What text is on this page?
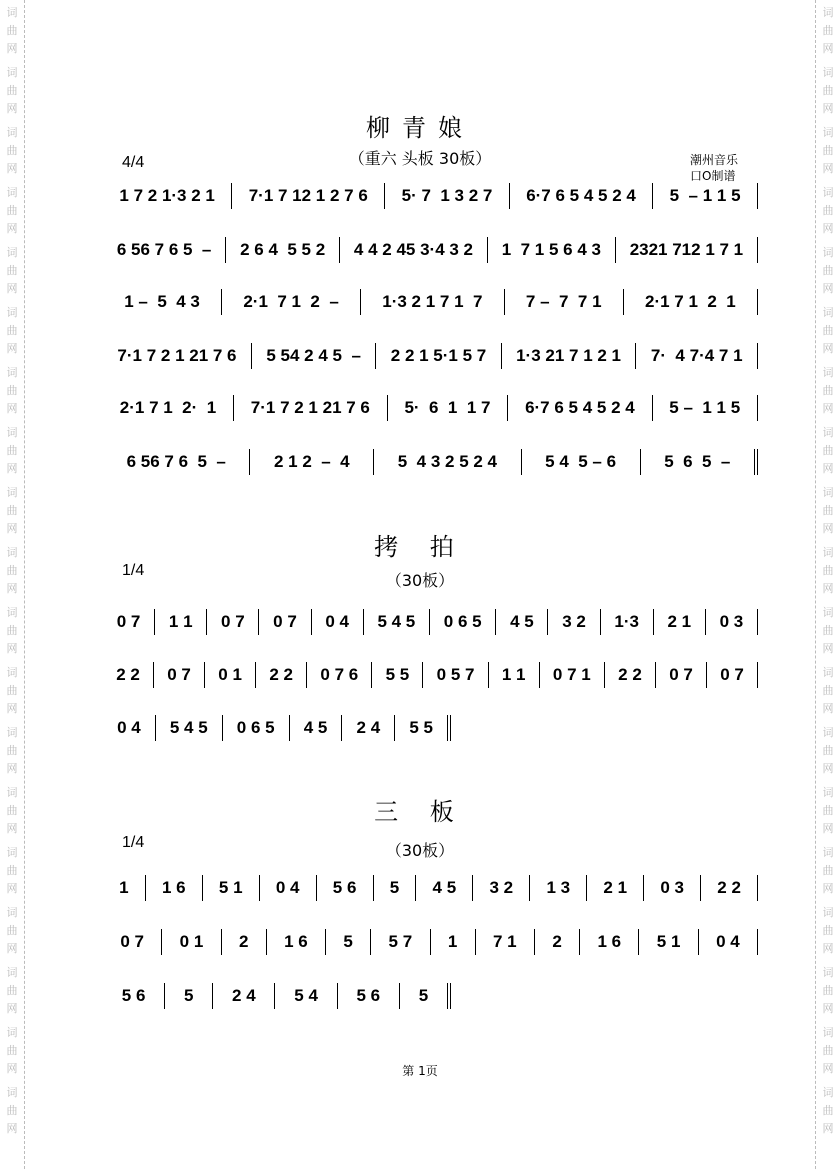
词
曲
网
词
曲
网
词
曲
网
词
曲
网
词
曲
网
词
曲
网
词
曲
网
词
曲
网
词
曲
网
词
曲
网
词
曲
网
词
曲
网
词
曲
网
词
曲
网
词
曲
网
词
曲
网
词
曲
网
词
曲
网
词
曲
网
词
曲
网
词
曲
网
词
曲
网
词
曲
网
词
曲
网
词
曲
网
词
曲
网
词
曲
网
词
曲
网
词
曲
网
词
曲
网
词
曲
网
词
曲
网
词
曲
网
词
曲
网
词
曲
网
词
曲
网
词
曲
网
词
曲
网
柳青娘
（重六 头板 30板）
4/4	潮州音乐
口O制谱
1 7 2 1·3 2 1	7·1 7 12 1 2 7 6	5· 7  1 3 2 7	6·7 6 5 4 5 2 4	5  – 1 1 5
6 56 7 6 5  –	2 6 4  5 5 2	4 4 2 45 3·4 3 2	1  7 1 5 6 4 3	2321 712 1 7 1
1 –  5  4 3	2·1  7 1  2  –	1·3 2 1 7 1  7	7 –  7  7 1	2·1 7 1  2  1
7·1 7 2 1 21 7 6	5 54 2 4 5  –	2 2 1 5·1 5 7	1·3 21 7 1 2 1	7·  4 7·4 7 1
2·1 7 1  2·  1	7·1 7 2 1 21 7 6	5·  6  1  1 7	6·7 6 5 4 5 2 4	5 –  1 1 5
6 56 7 6  5  –	2 1 2  –  4	5  4 3 2 5 2 4	5 4  5 – 6	5  6  5  –
拷 拍
1/4
（30板）
0 7	1 1	0 7	0 7	0 4	5 4 5	0 6 5	4 5	3 2	1·3	2 1	0 3
2 2	0 7	0 1	2 2	0 7 6	5 5	0 5 7	1 1	0 7 1	2 2	0 7	0 7
0 4	5 4 5	0 6 5	4 5	2 4	5 5
三 板
1/4	（30板）
1	1 6	5 1	0 4	5 6	5	4 5	3 2	1 3	2 1	0 3	2 2
0 7	0 1	2	1 6	5	5 7	1	7 1	2	1 6	5 1	0 4
5 6	5	2 4	5 4	5 6	5
第 1页
